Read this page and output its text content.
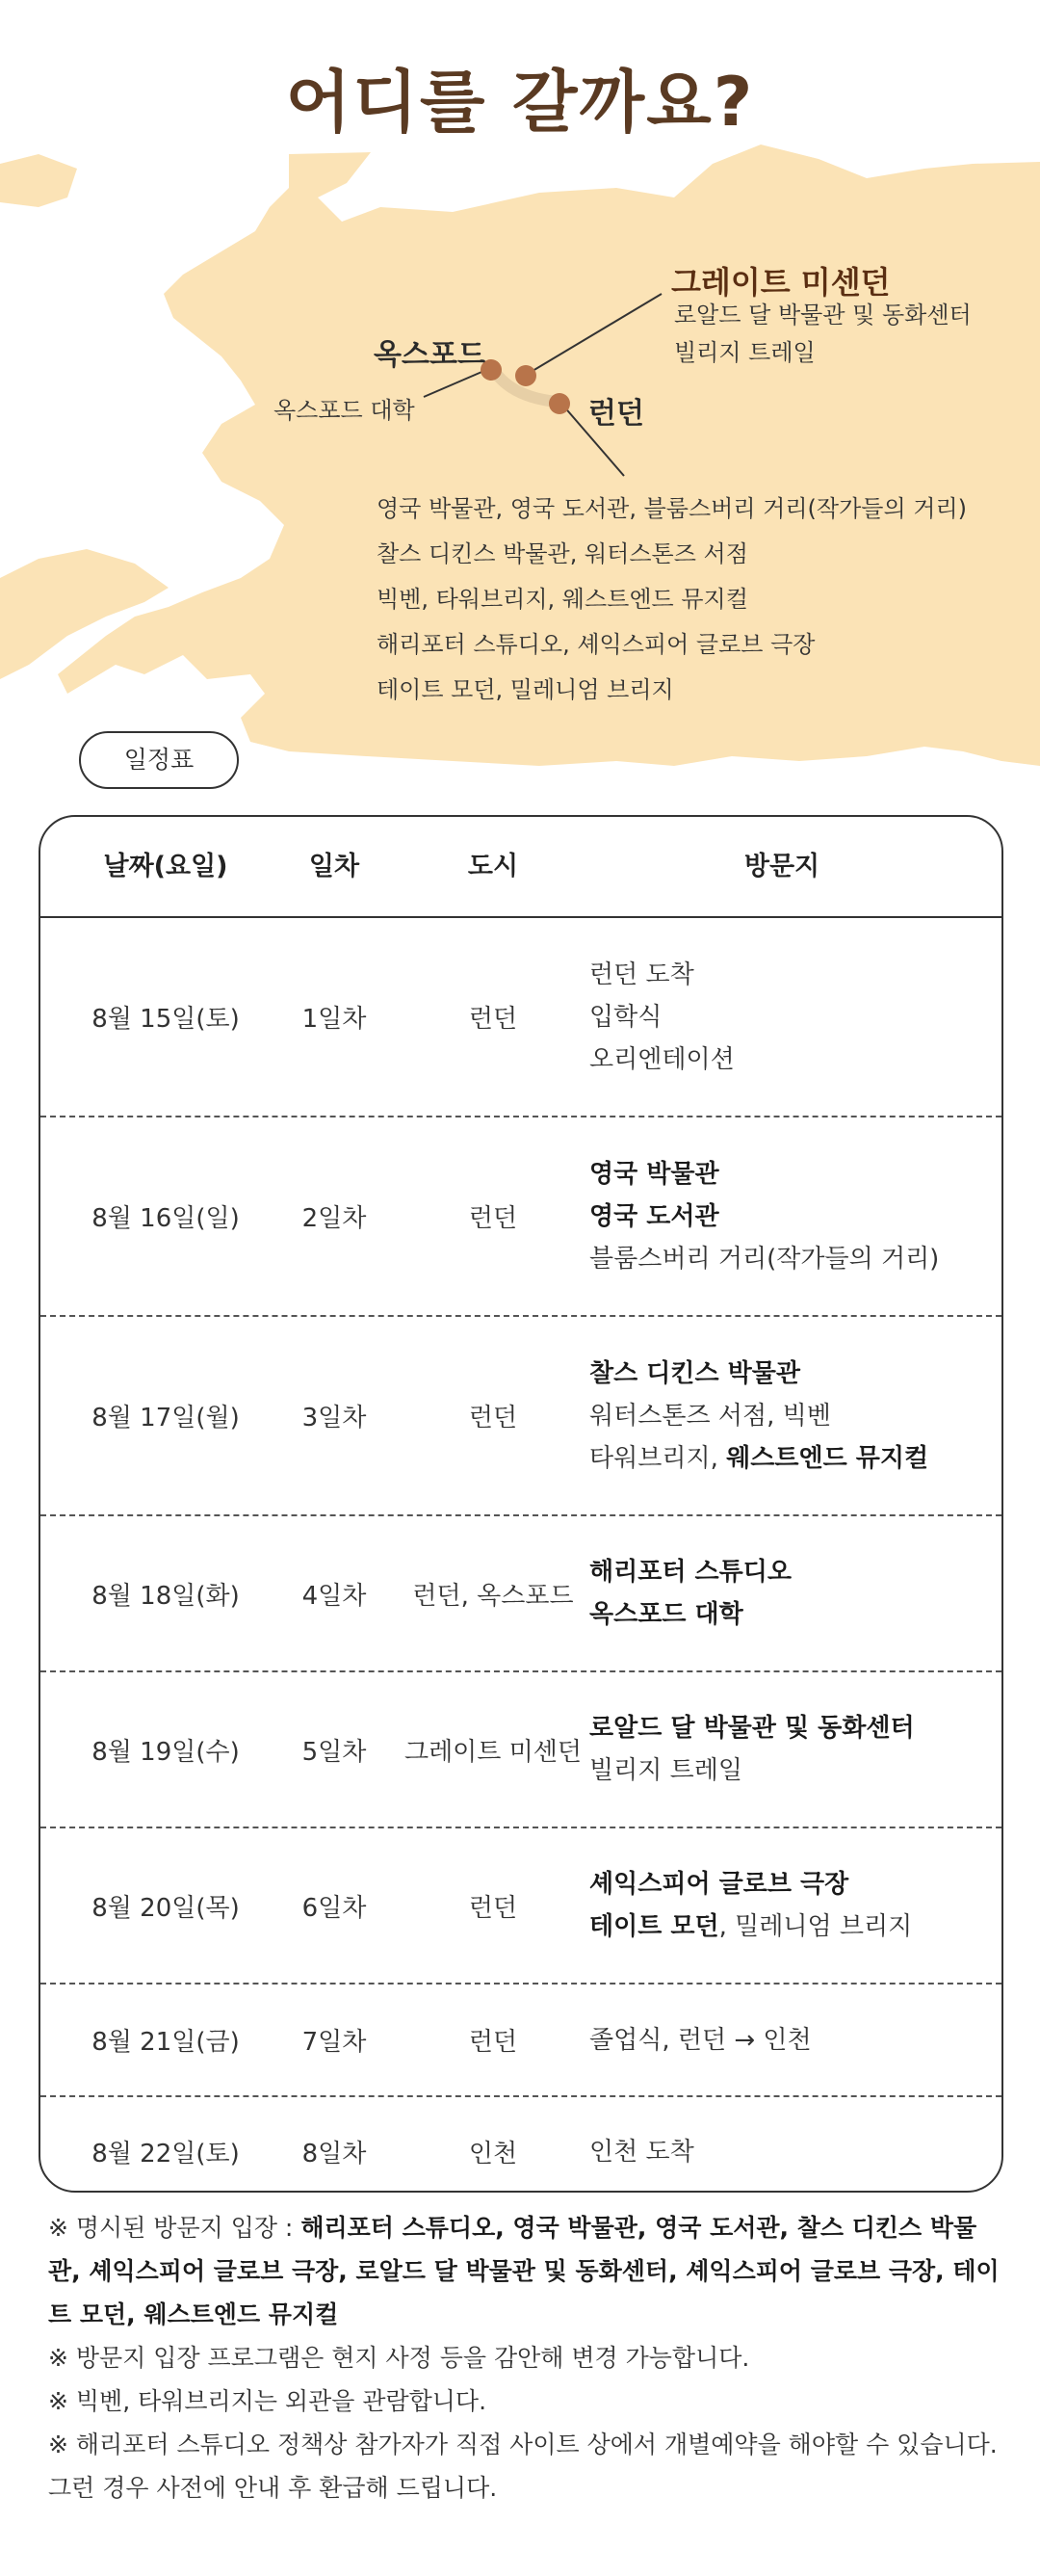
어디를 갈까요?
그레이트 미센던
로알드 달 박물관 및 동화센터
빌리지 트레일
옥스포드
옥스포드 대학	런던
영국 박물관, 영국 도서관, 블룸스버리 거리(작가들의 거리)
찰스 디킨스 박물관, 워터스톤즈 서점
빅벤, 타워브리지, 웨스트엔드 뮤지컬
해리포터 스튜디오, 셰익스피어 글로브 극장
테이트 모던, 밀레니엄 브리지
일정표
날짜(요일)	일차	도시	방문지
8월 15일(토)	1일차	런던
런던 도착
입학식
오리엔테이션
8월 16일(일)	2일차	런던
영국 박물관
영국 도서관
블룸스버리 거리(작가들의 거리)
8월 17일(월)	3일차	런던
찰스 디킨스 박물관
워터스톤즈 서점, 빅벤
타워브리지, 웨스트엔드 뮤지컬
8월 18일(화)	4일차	런던, 옥스포드
해리포터 스튜디오
옥스포드 대학
8월 19일(수)	5일차	그레이트 미센던
로알드 달 박물관 및 동화센터
빌리지 트레일
8월 20일(목)	6일차	런던
셰익스피어 글로브 극장
테이트 모던, 밀레니엄 브리지
8월 21일(금)	7일차	런던	졸업식, 런던 → 인천
8월 22일(토)	8일차	인천	인천 도착
※ 명시된 방문지 입장 : 해리포터 스튜디오, 영국 박물관, 영국 도서관, 찰스 디킨스 박물관, 셰익스피어 글로브 극장, 로알드 달 박물관 및 동화센터, 셰익스피어 글로브 극장, 테이트 모던, 웨스트엔드 뮤지컬
※ 방문지 입장 프로그램은 현지 사정 등을 감안해 변경 가능합니다.
※ 빅벤, 타워브리지는 외관을 관람합니다.
※ 해리포터 스튜디오 정책상 참가자가 직접 사이트 상에서 개별예약을 해야할 수 있습니다. 그런 경우 사전에 안내 후 환급해 드립니다.
